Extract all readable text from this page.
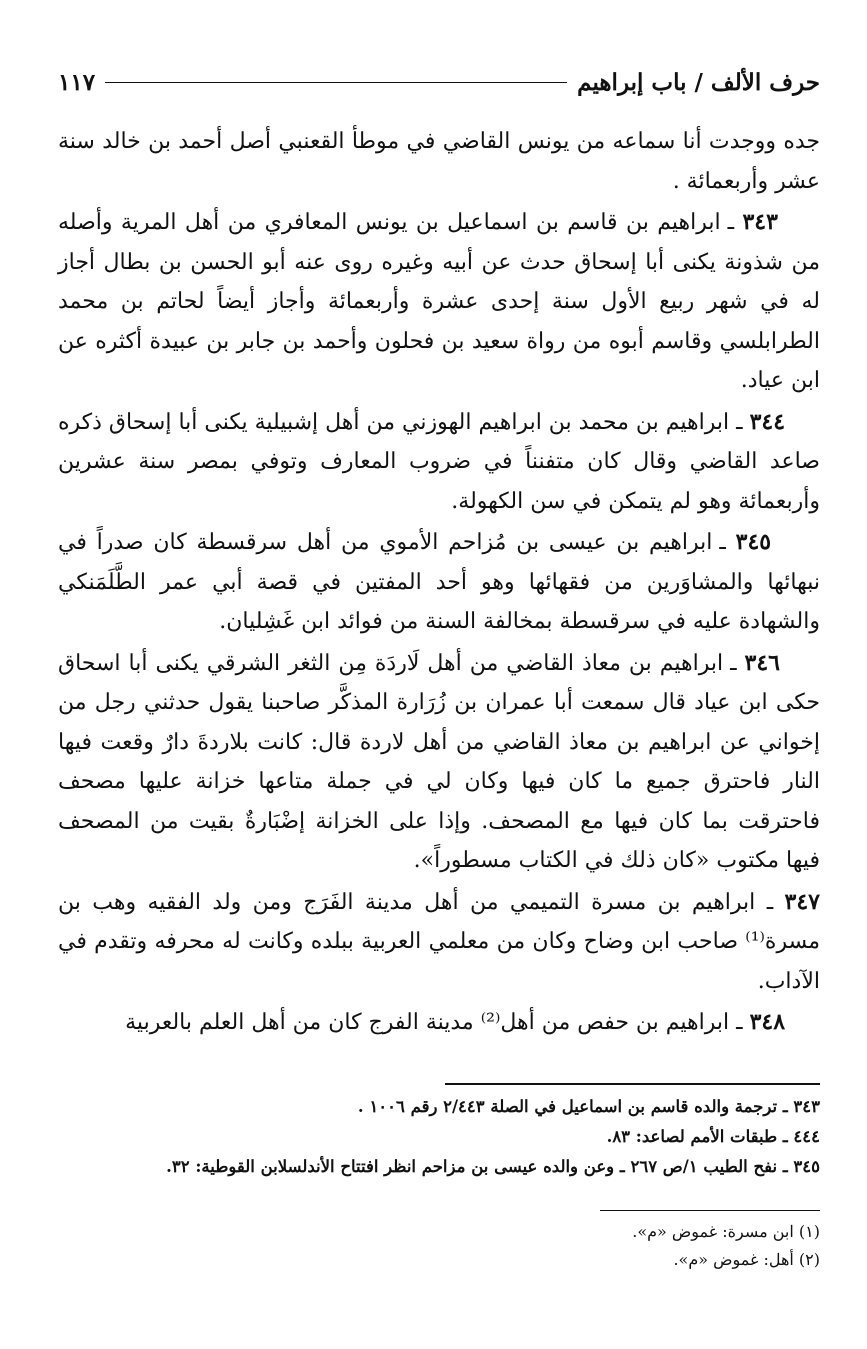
حرف الألف / باب إبراهيم
١١٧

جده ووجدت أنا سماعه من يونس القاضي في موطأ القعنبي أصل أحمد بن خالد سنة عشر وأربعمائة .

٣٤٣ ـ ابراهيم بن قاسم بن اسماعيل بن يونس المعافري من أهل المرية وأصله من شذونة يكنى أبا إسحاق حدث عن أبيه وغيره روى عنه أبو الحسن بن بطال أجاز له في شهر ربيع الأول سنة إحدى عشرة وأربعمائة وأجاز أيضاً لحاتم بن محمد الطرابلسي وقاسم أبوه من رواة سعيد بن فحلون وأحمد بن جابر بن عبيدة أكثره عن ابن عياد.

٣٤٤ ـ ابراهيم بن محمد بن ابراهيم الهوزني من أهل إشبيلية يكنى أبا إسحاق ذكره صاعد القاضي وقال كان متفنناً في ضروب المعارف وتوفي بمصر سنة عشرين وأربعمائة وهو لم يتمكن في سن الكهولة.

٣٤٥ ـ ابراهيم بن عيسى بن مُزاحم الأموي من أهل سرقسطة كان صدراً في نبهائها والمشاوَرين من فقهائها وهو أحد المفتين في قصة أبي عمر الطَّلَمَنكي والشهادة عليه في سرقسطة بمخالفة السنة من فوائد ابن غَشِليان.

٣٤٦ ـ ابراهيم بن معاذ القاضي من أهل لَاردَة مِن الثغر الشرقي يكنى أبا اسحاق حكى ابن عياد قال سمعت أبا عمران بن زُرَارة المذكَّر صاحبنا يقول حدثني رجل من إخواني عن ابراهيم بن معاذ القاضي من أهل لاردة قال: كانت بلاردةَ دارٌ وقعت فيها النار فاحترق جميع ما كان فيها وكان لي في جملة متاعها خزانة عليها مصحف فاحترقت بما كان فيها مع المصحف. وإذا على الخزانة إضْبَارةٌ بقيت من المصحف فيها مكتوب «كان ذلك في الكتاب مسطوراً».

٣٤٧ ـ ابراهيم بن مسرة التميمي من أهل مدينة الفَرَج ومن ولد الفقيه وهب بن مسرة⁽¹⁾ صاحب ابن وضاح وكان من معلمي العربية ببلده وكانت له محرفه وتقدم في الآداب.

٣٤٨ ـ ابراهيم بن حفص من أهل⁽²⁾ مدينة الفرج كان من أهل العلم بالعربية

٣٤٣ ـ ترجمة والده قاسم بن اسماعيل في الصلة ٢/٤٤٣ رقم ١٠٠٦ .

٤٤٤ ـ طبقات الأمم لصاعد: ٨٣.

٣٤٥ ـ نفح الطيب ١/ص ٢٦٧ ـ وعن والده عيسى بن مزاحم انظر افتتاح الأندلسلابن القوطية: ٣٢.

(١) ابن مسرة: غموض «م».

(٢) أهل: غموض «م».
